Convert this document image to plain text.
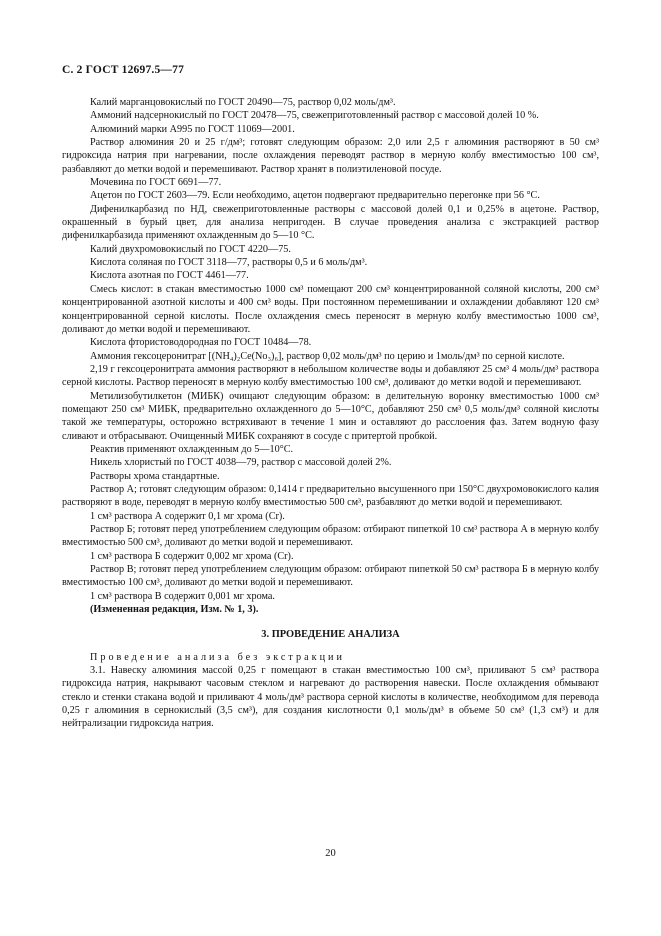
С. 2 ГОСТ 12697.5—77

Калий марганцовокислый по ГОСТ 20490—75, раствор 0,02 моль/дм³.

Аммоний надсернокислый по ГОСТ 20478—75, свежеприготовленный раствор с массовой долей 10 %.

Алюминий марки А995 по ГОСТ 11069—2001.

Раствор алюминия 20 и 25 г/дм³; готовят следующим образом: 2,0 или 2,5 г алюминия растворяют в 50 см³ гидроксида натрия при нагревании, после охлаждения переводят раствор в мерную колбу вместимостью 100 см³, разбавляют до метки водой и перемешивают. Раствор хранят в полиэтиленовой посуде.

Мочевина по ГОСТ 6691—77.

Ацетон по ГОСТ 2603—79. Если необходимо, ацетон подвергают предварительно перегонке при 56 °С.

Дифенилкарбазид по НД, свежеприготовленные растворы с массовой долей 0,1 и 0,25% в ацетоне. Раствор, окрашенный в бурый цвет, для анализа непригоден. В случае проведения анализа с экстракцией раствор дифенилкарбазида применяют охлажденным до 5—10 °С.

Калий двухромовокислый по ГОСТ 4220—75.

Кислота соляная по ГОСТ 3118—77, растворы 0,5 и 6 моль/дм³.

Кислота азотная по ГОСТ 4461—77.

Смесь кислот: в стакан вместимостью 1000 см³ помещают 200 см³ концентрированной соляной кислоты, 200 см³ концентрированной азотной кислоты и 400 см³ воды. При постоянном перемешивании и охлаждении добавляют 120 см³ концентрированной серной кислоты. После охлаждения смесь переносят в мерную колбу вместимостью 1000 см³, доливают до метки водой и перемешивают.

Кислота фтористоводородная по ГОСТ 10484—78.

Аммония гексоцеронитрат [(NH₄)₂Ce(No₃)₆], раствор 0,02 моль/дм³ по церию и 1моль/дм³ по серной кислоте.

2,19 г гексоцеронитрата аммония растворяют в небольшом количестве воды и добавляют 25 см³ 4 моль/дм³ раствора серной кислоты. Раствор переносят в мерную колбу вместимостью 100 см³, доливают до метки водой и перемешивают.

Метилизобутилкетон (МИБК) очищают следующим образом: в делительную воронку вместимостью 1000 см³ помещают 250 см³ МИБК, предварительно охлажденного до 5—10°С, добавляют 250 см³ 0,5 моль/дм³ соляной кислоты такой же температуры, осторожно встряхивают в течение 1 мин и оставляют до расслоения фаз. Затем водную фазу сливают и отбрасывают. Очищенный МИБК сохраняют в сосуде с притертой пробкой.

Реактив применяют охлажденным до 5—10°С.

Никель хлористый по ГОСТ 4038—79, раствор с массовой долей 2%.

Растворы хрома стандартные.

Раствор А; готовят следующим образом: 0,1414 г предварительно высушенного при 150°С двухромовокислого калия растворяют в воде, переводят в мерную колбу вместимостью 500 см³, разбавляют до метки водой и перемешивают.

1 см³ раствора А содержит 0,1 мг хрома (Cr).

Раствор Б; готовят перед употреблением следующим образом: отбирают пипеткой 10 см³ раствора А в мерную колбу вместимостью 500 см³, доливают до метки водой и перемешивают.

1 см³ раствора Б содержит 0,002 мг хрома (Cr).

Раствор В; готовят перед употреблением следующим образом: отбирают пипеткой 50 см³ раствора Б в мерную колбу вместимостью 100 см³, доливают до метки водой и перемешивают.

1 см³ раствора В содержит 0,001 мг хрома.

(Измененная редакция, Изм. № 1, 3).

3. ПРОВЕДЕНИЕ АНАЛИЗА

Проведение анализа без экстракции

3.1. Навеску алюминия массой 0,25 г помещают в стакан вместимостью 100 см³, приливают 5 см³ раствора гидроксида натрия, накрывают часовым стеклом и нагревают до растворения навески. После охлаждения обмывают стекло и стенки стакана водой и приливают 4 моль/дм³ раствора серной кислоты в количестве, необходимом для перевода 0,25 г алюминия в сернокислый (3,5 см³), для создания кислотности 0,1 моль/дм³ в объеме 50 см³ (1,3 см³) и для нейтрализации гидроксида натрия.

20
